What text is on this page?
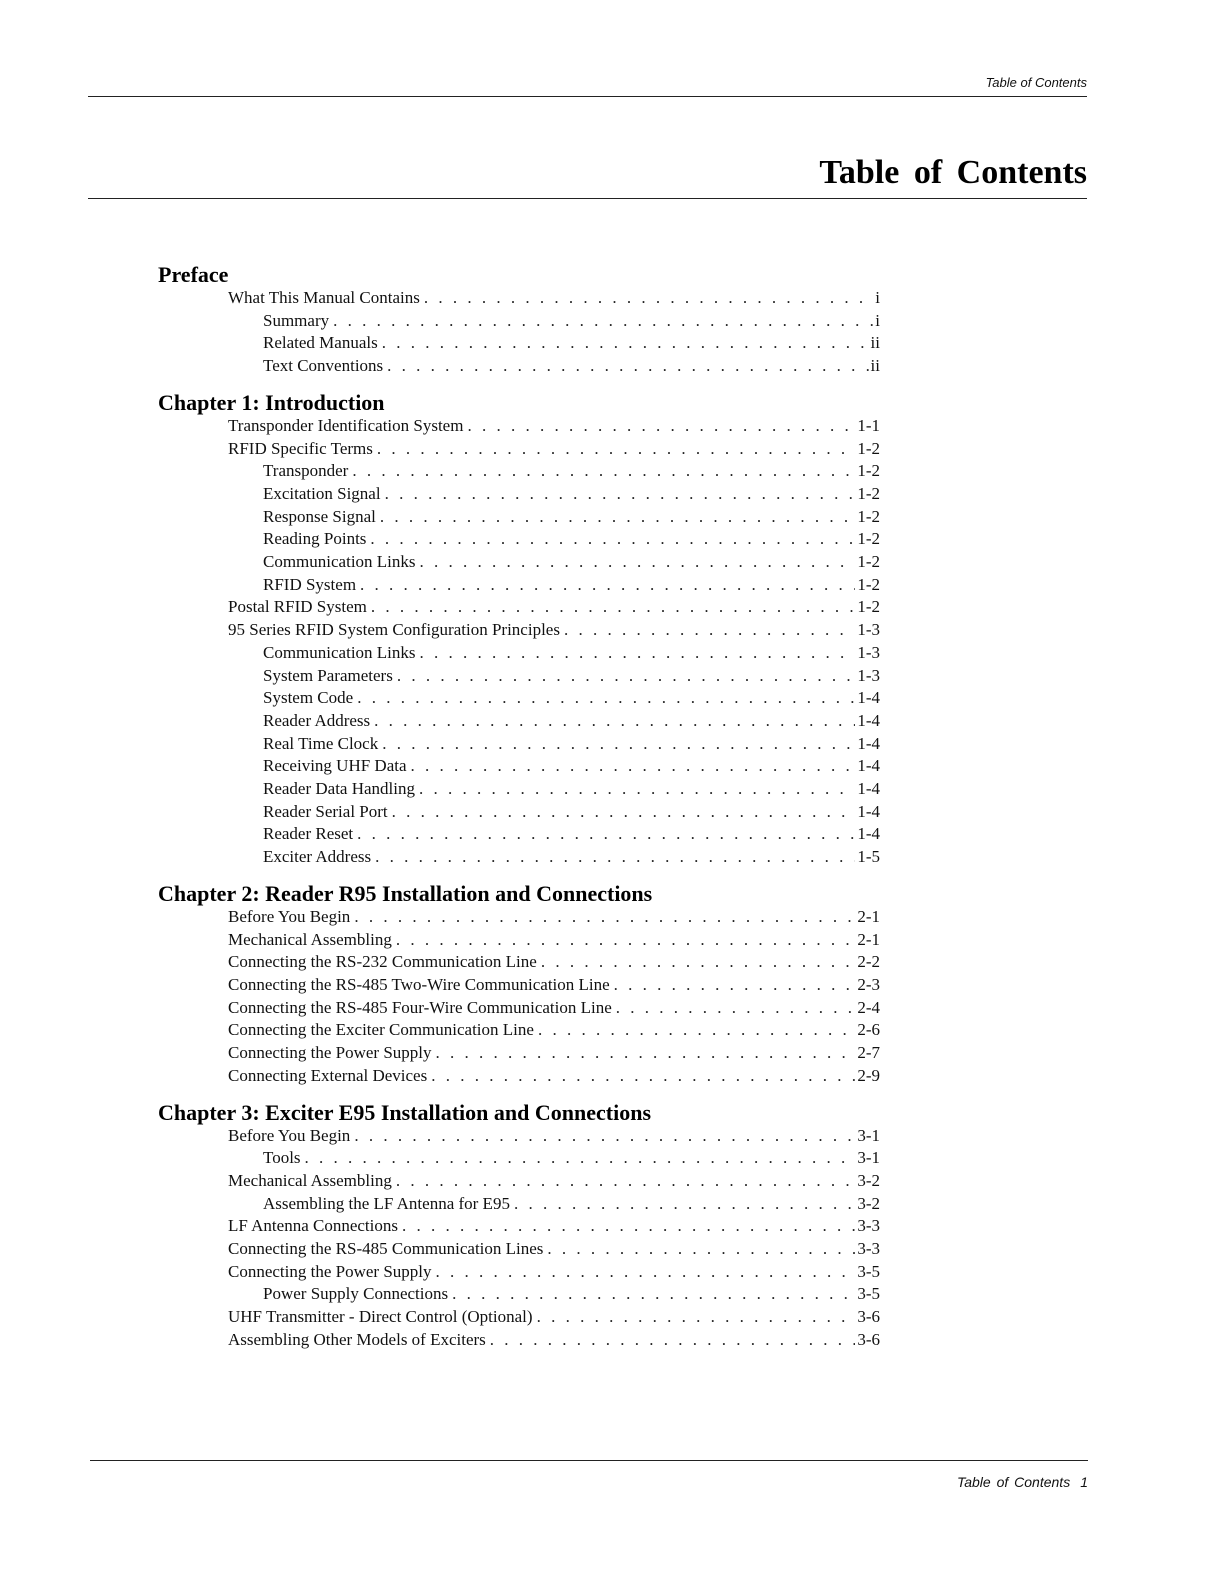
Table of Contents
Table of Contents
Preface
What This Manual Contains . . .	i
Summary . . .	i
Related Manuals . . .	ii
Text Conventions . . .	ii
Chapter 1: Introduction
Transponder Identification System . . .	1-1
RFID Specific Terms . . .	1-2
Transponder . . .	1-2
Excitation Signal . . .	1-2
Response Signal . . .	1-2
Reading Points . . .	1-2
Communication Links . . .	1-2
RFID System . . .	1-2
Postal RFID System . . .	1-2
95 Series RFID System Configuration Principles . . .	1-3
Communication Links . . .	1-3
System Parameters . . .	1-3
System Code . . .	1-4
Reader Address . . .	1-4
Real Time Clock . . .	1-4
Receiving UHF Data . . .	1-4
Reader Data Handling . . .	1-4
Reader Serial Port . . .	1-4
Reader Reset . . .	1-4
Exciter Address . . .	1-5
Chapter 2: Reader R95 Installation and Connections
Before You Begin . . .	2-1
Mechanical Assembling . . .	2-1
Connecting the RS-232 Communication Line . . .	2-2
Connecting the RS-485 Two-Wire Communication Line . . .	2-3
Connecting the RS-485 Four-Wire Communication Line . . .	2-4
Connecting the Exciter Communication Line . . .	2-6
Connecting the Power Supply . . .	2-7
Connecting External Devices . . .	2-9
Chapter 3: Exciter E95 Installation and Connections
Before You Begin . . .	3-1
Tools . . .	3-1
Mechanical Assembling . . .	3-2
Assembling the LF Antenna for E95 . . .	3-2
LF Antenna Connections . . .	3-3
Connecting the RS-485 Communication Lines . . .	3-3
Connecting the Power Supply . . .	3-5
Power Supply Connections . . .	3-5
UHF Transmitter - Direct Control (Optional) . . .	3-6
Assembling Other Models of Exciters . . .	3-6
Table of Contents 1
